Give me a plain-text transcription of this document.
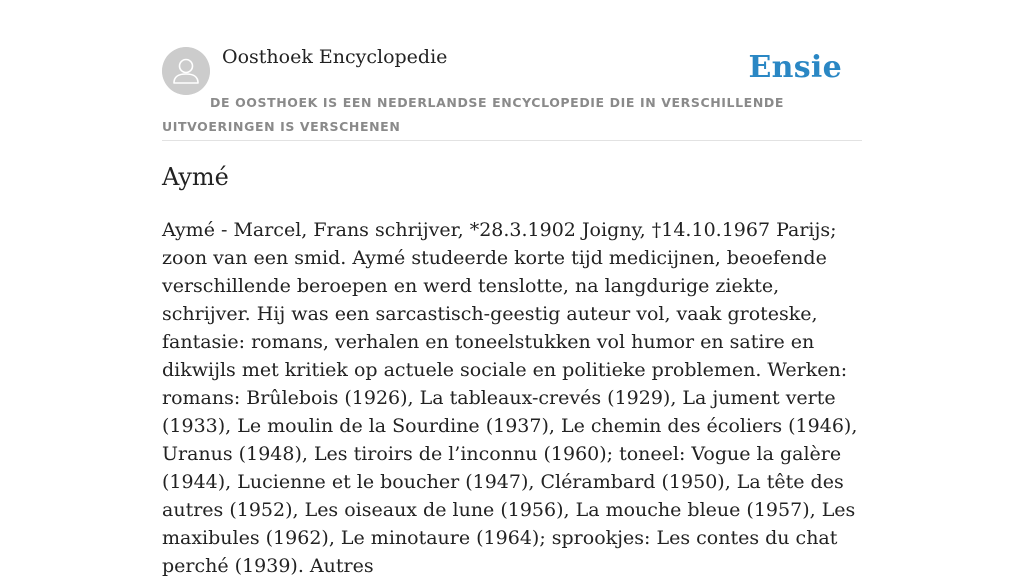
Oosthoek Encyclopedie	Ensie
DE OOSTHOEK IS EEN NEDERLANDSE ENCYCLOPEDIE DIE IN VERSCHILLENDE UITVOERINGEN IS VERSCHENEN
Aymé

Aymé - Marcel, Frans schrijver, *28.3.1902 Joigny, †14.10.1967 Parijs; zoon van een smid. Aymé studeerde korte tijd medicijnen, beoefende verschillende beroepen en werd tenslotte, na langdurige ziekte, schrijver. Hij was een sarcastisch-geestig auteur vol, vaak groteske, fantasie: romans, verhalen en toneelstukken vol humor en satire en dikwijls met kritiek op actuele sociale en politieke problemen. Werken: romans: Brûlebois (1926), La tableaux-crevés (1929), La jument verte (1933), Le moulin de la Sourdine (1937), Le chemin des écoliers (1946), Uranus (1948), Les tiroirs de l’inconnu (1960); toneel: Vogue la galère (1944), Lucienne et le boucher (1947), Clérambard (1950), La tête des autres (1952), Les oiseaux de lune (1956), La mouche bleue (1957), Les maxibules (1962), Le minotaure (1964); sprookjes: Les contes du chat perché (1939). Autres
